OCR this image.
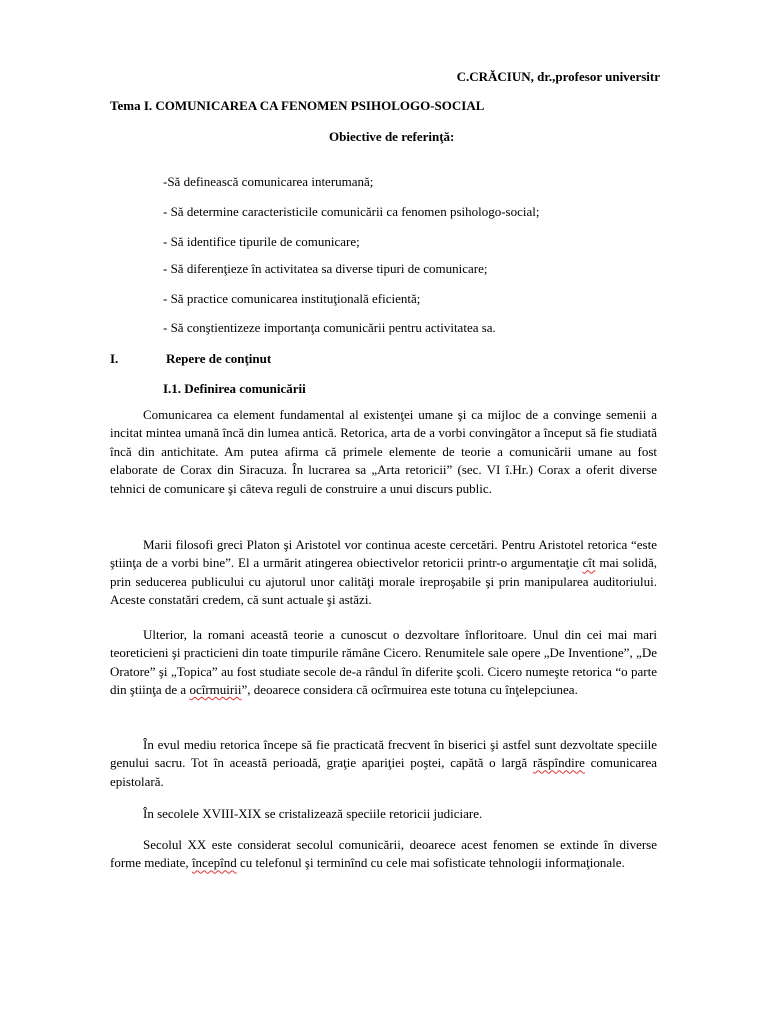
C.CRĂCIUN, dr.,profesor universitr
Tema I. COMUNICAREA CA FENOMEN PSIHOLOGO-SOCIAL
Obiective de referinţă:
-Să definească comunicarea interumană;
- Să determine caracteristicile comunicării ca fenomen psihologo-social;
- Să identifice tipurile de comunicare;
- Să diferenţieze în activitatea sa diverse tipuri de comunicare;
- Să practice comunicarea instituţională eficientă;
- Să conştientizeze importanţa comunicării pentru activitatea sa.
I.	Repere de conţinut
I.1. Definirea comunicării

Comunicarea ca element fundamental al existenţei umane şi ca mijloc de a convinge semenii a incitat mintea umană încă din lumea antică. Retorica, arta de a vorbi convingător a început să fie studiată încă din antichitate. Am putea afirma că primele elemente de teorie a comunicării umane au fost elaborate de Corax din Siracuza. În lucrarea sa „Arta retoricii” (sec. VI î.Hr.) Corax a oferit diverse tehnici de comunicare şi câteva reguli de construire a unui discurs public.

Marii filosofi greci Platon şi Aristotel vor continua aceste cercetări. Pentru Aristotel retorica “este ştiinţa de a vorbi bine”. El a urmărit atingerea obiectivelor retoricii printr-o argumentaţie cît mai solidă, prin seducerea publicului cu ajutorul unor calităţi morale ireproşabile şi prin manipularea auditoriului. Aceste constatări credem, că sunt actuale şi astăzi.

Ulterior, la romani această teorie a cunoscut o dezvoltare înfloritoare. Unul din cei mai mari teoreticieni şi practicieni din toate timpurile rămâne Cicero. Renumitele sale opere „De Inventione”, „De Oratore” şi „Topica” au fost studiate secole de-a rândul în diferite şcoli. Cicero numeşte retorica “o parte din ştiinţa de a ocîrmuirii”, deoarece considera că ocîrmuirea este totuna cu înţelepciunea.

În evul mediu retorica începe să fie practicată frecvent în biserici şi astfel sunt dezvoltate speciile genului sacru. Tot în această perioadă, graţie apariţiei poştei, capătă o largă răspîndire comunicarea epistolară.

În secolele XVIII-XIX se cristalizează speciile retoricii judiciare.

Secolul XX este considerat secolul comunicării, deoarece acest fenomen se extinde în diverse forme mediate, începînd cu telefonul şi terminînd cu cele mai sofisticate tehnologii informaţionale.
